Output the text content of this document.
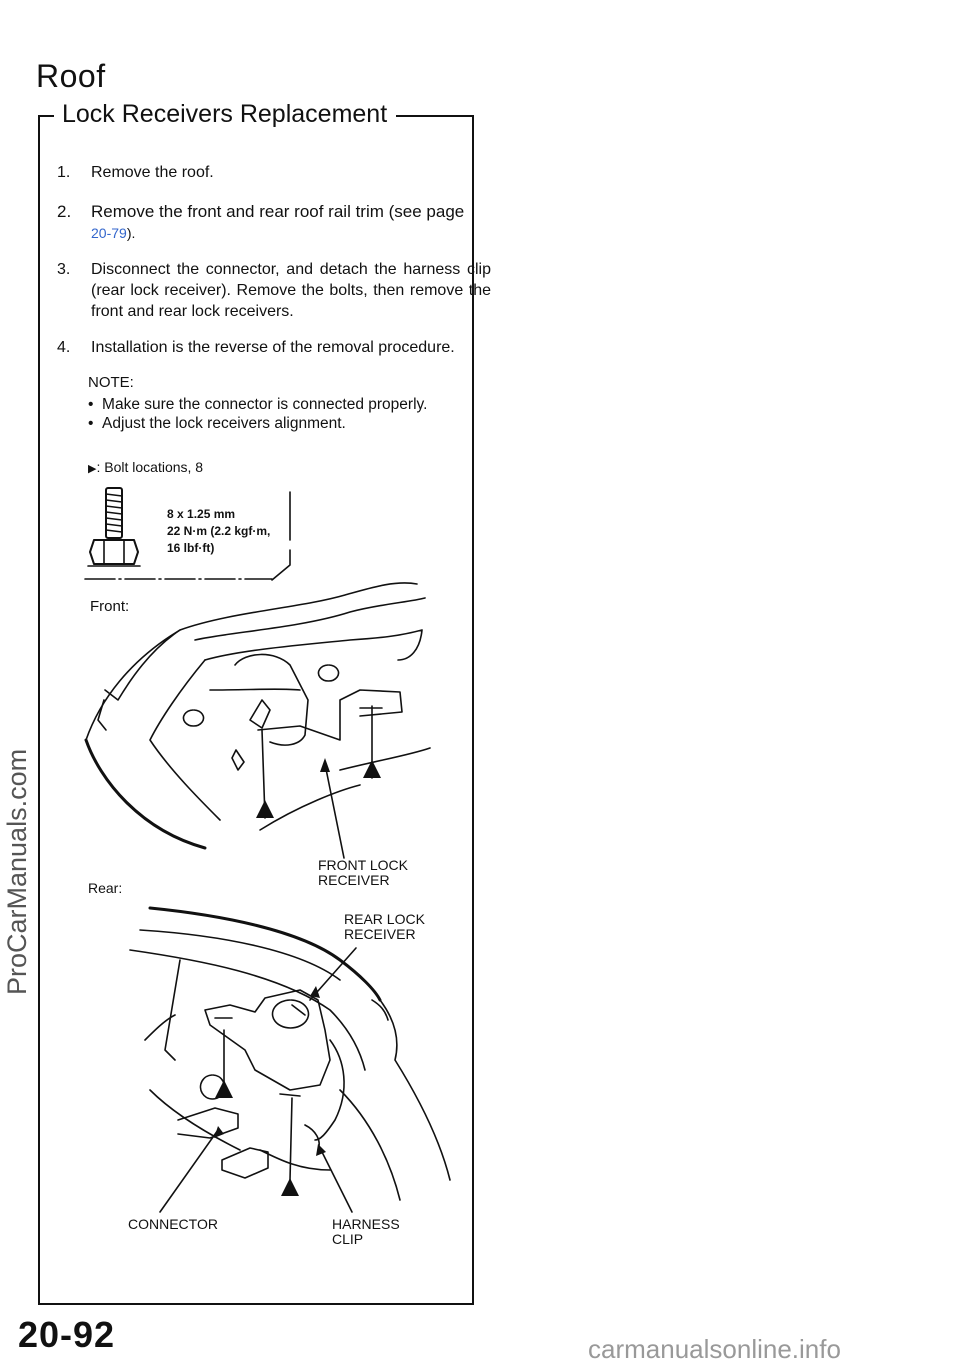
Roof
Lock Receivers Replacement
1. Remove the roof.
2. Remove the front and rear roof rail trim (see page
20-79).
3. Disconnect the connector, and detach the harness clip (rear lock receiver). Remove the bolts, then remove the front and rear lock receivers.
4. Installation is the reverse of the removal procedure.
NOTE:
•  Make sure the connector is connected properly.
•  Adjust the lock receivers alignment.
▶: Bolt locations, 8
8 x 1.25 mm
22 N·m (2.2 kgf·m,
16 lbf·ft)
Front:
Rear:
FRONT LOCK
RECEIVER
REAR LOCK
RECEIVER
CONNECTOR	HARNESS
CLIP
ProCarManuals.com
20-92	carmanualsonline.info
